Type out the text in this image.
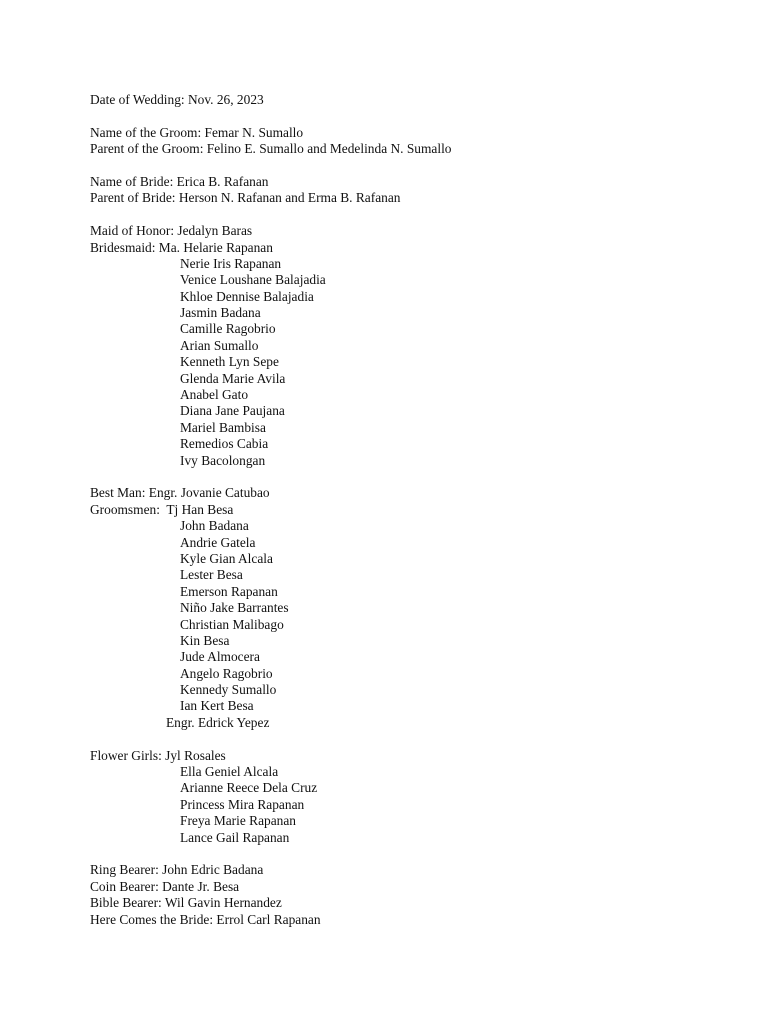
Date of Wedding: Nov. 26, 2023
Name of the Groom: Femar N. Sumallo
Parent of the Groom: Felino E. Sumallo and Medelinda N. Sumallo
Name of Bride: Erica B. Rafanan
Parent of Bride: Herson N. Rafanan and Erma B. Rafanan
Maid of Honor: Jedalyn Baras
Bridesmaid: Ma. Helarie Rapanan
Nerie Iris Rapanan
Venice Loushane Balajadia
Khloe Dennise Balajadia
Jasmin Badana
Camille Ragobrio
Arian Sumallo
Kenneth Lyn Sepe
Glenda Marie Avila
Anabel Gato
Diana Jane Paujana
Mariel Bambisa
Remedios Cabia
Ivy Bacolongan
Best Man: Engr. Jovanie Catubao
Groomsmen:  Tj Han Besa
John Badana
Andrie Gatela
Kyle Gian Alcala
Lester Besa
Emerson Rapanan
Niño Jake Barrantes
Christian Malibago
Kin Besa
Jude Almocera
Angelo Ragobrio
Kennedy Sumallo
Ian Kert Besa
Engr. Edrick Yepez
Flower Girls: Jyl Rosales
Ella Geniel Alcala
Arianne Reece Dela Cruz
Princess Mira Rapanan
Freya Marie Rapanan
Lance Gail Rapanan
Ring Bearer: John Edric Badana
Coin Bearer: Dante Jr. Besa
Bible Bearer: Wil Gavin Hernandez
Here Comes the Bride: Errol Carl Rapanan
